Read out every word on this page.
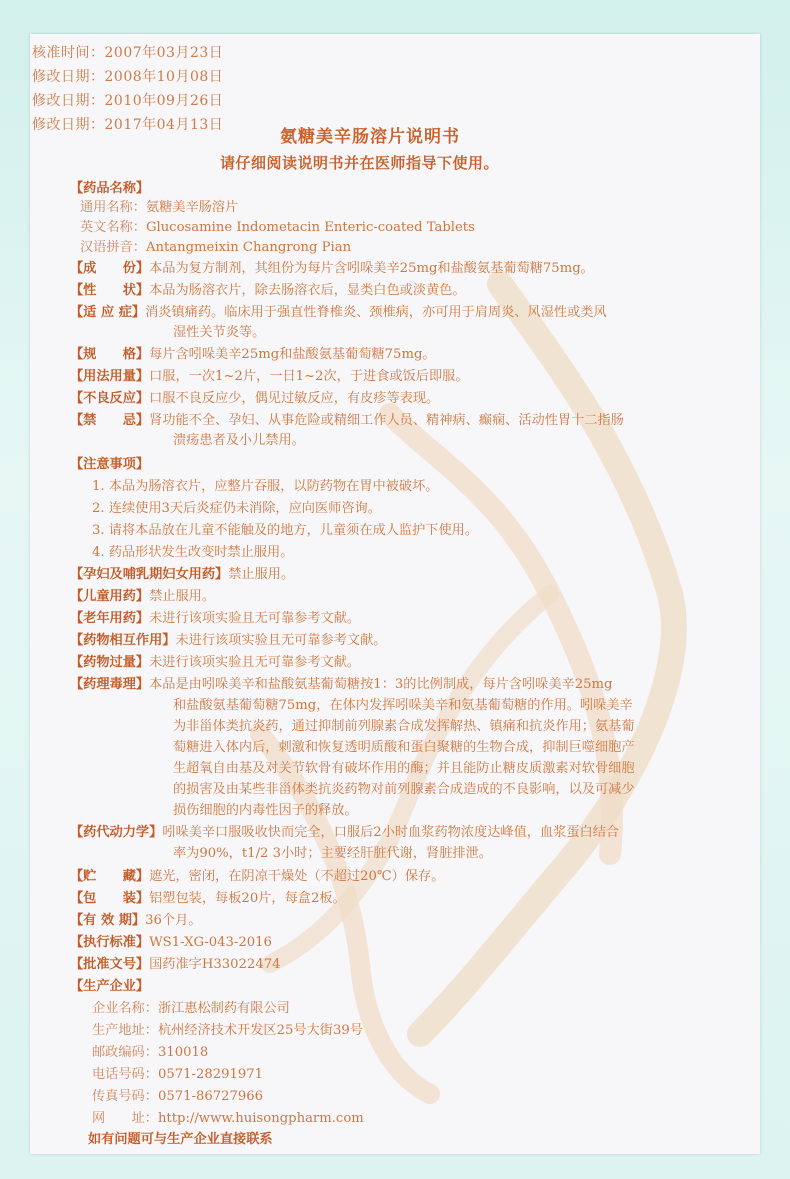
核准时间：2007年03月23日
修改日期：2008年10月08日
修改日期：2010年09月26日
修改日期：2017年04月13日
氨糖美辛肠溶片说明书
请仔细阅读说明书并在医师指导下使用。
【药品名称】
通用名称：氨糖美辛肠溶片
英文名称：Glucosamine Indometacin Enteric-coated Tablets
汉语拼音：Antangmeixin Changrong Pian
【成　　份】本品为复方制剂，其组份为每片含吲哚美辛25mg和盐酸氨基葡萄糖75mg。
【性　　状】本品为肠溶衣片，除去肠溶衣后，显类白色或淡黄色。
【适 应 症】消炎镇痛药。临床用于强直性脊椎炎、颈椎病，亦可用于肩周炎、风湿性或类风
湿性关节炎等。
【规　　格】每片含吲哚美辛25mg和盐酸氨基葡萄糖75mg。
【用法用量】口服，一次1~2片，一日1~2次，于进食或饭后即服。
【不良反应】口服不良反应少，偶见过敏反应，有皮疹等表现。
【禁　　忌】肾功能不全、孕妇、从事危险或精细工作人员、精神病、癫痫、活动性胃十二指肠
溃疡患者及小儿禁用。
【注意事项】
1. 本品为肠溶衣片，应整片吞服，以防药物在胃中被破坏。
2. 连续使用3天后炎症仍未消除，应向医师咨询。
3. 请将本品放在儿童不能触及的地方，儿童须在成人监护下使用。
4. 药品形状发生改变时禁止服用。
【孕妇及哺乳期妇女用药】禁止服用。
【儿童用药】禁止服用。
【老年用药】未进行该项实验且无可靠参考文献。
【药物相互作用】未进行该项实验且无可靠参考文献。
【药物过量】未进行该项实验且无可靠参考文献。
【药理毒理】本品是由吲哚美辛和盐酸氨基葡萄糖按1：3的比例制成，每片含吲哚美辛25mg
和盐酸氨基葡萄糖75mg，在体内发挥吲哚美辛和氨基葡萄糖的作用。吲哚美辛
为非甾体类抗炎药，通过抑制前列腺素合成发挥解热、镇痛和抗炎作用；氨基葡
萄糖进入体内后，刺激和恢复透明质酸和蛋白聚糖的生物合成，抑制巨噬细胞产
生超氧自由基及对关节软骨有破坏作用的酶；并且能防止糖皮质激素对软骨细胞
的损害及由某些非甾体类抗炎药物对前列腺素合成造成的不良影响，以及可减少
损伤细胞的内毒性因子的释放。
【药代动力学】吲哚美辛口服吸收快而完全，口服后2小时血浆药物浓度达峰值，血浆蛋白结合
率为90%，t1/2 3小时；主要经肝脏代谢，肾脏排泄。
【贮　　藏】遮光，密闭，在阴凉干燥处（不超过20℃）保存。
【包　　装】铝塑包装，每板20片，每盒2板。
【有 效 期】36个月。
【执行标准】WS1-XG-043-2016
【批准文号】国药准字H33022474
【生产企业】
企业名称：浙江惠松制药有限公司
生产地址：杭州经济技术开发区25号大街39号
邮政编码：310018
电话号码：0571-28291971
传真号码：0571-86727966
网　　址：http://www.huisongpharm.com
如有问题可与生产企业直接联系
